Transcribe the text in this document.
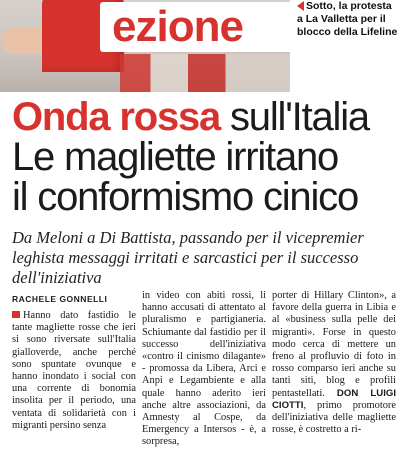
ezione	Sotto, la protesta a La Valletta per il blocco della Lifeline
Onda rossa sull'Italia
Le magliette irritano
il conformismo cinico
Da Meloni a Di Battista, passando per il vicepremier leghista messaggi irritati e sarcastici per il successo dell'iniziativa
RACHELE GONNELLI
Hanno dato fastidio le tante magliette rosse che ieri si sono riversate sull'Italia gialloverde, anche perché sono spuntate ovunque e hanno inondato i social con una corrente di bonomia insolita per il periodo, una ventata di solidarietà con i migranti persino senza
in video con abiti rossi, li hanno accusati di attentato al pluralismo e partigianeria. Schiumante dal fastidio per il successo dell'iniziativa «contro il cinismo dilagante» - promossa da Libera, Arci e Anpi e Legambiente e alla quale hanno aderito ieri anche altre associazioni, da Amnesty al Cospe, da Emergency a Intersos - è, a sorpresa,
porter di Hillary Clinton», a favore della guerra in Libia e al «business sulla pelle dei migranti». Forse in questo modo cerca di mettere un freno al profluvio di foto in rosso comparso ieri anche su tanti siti, blog e profili pentastellati. DON LUIGI CIOTTI, primo promotore dell'iniziativa delle magliette rosse, è costretto a ri-
